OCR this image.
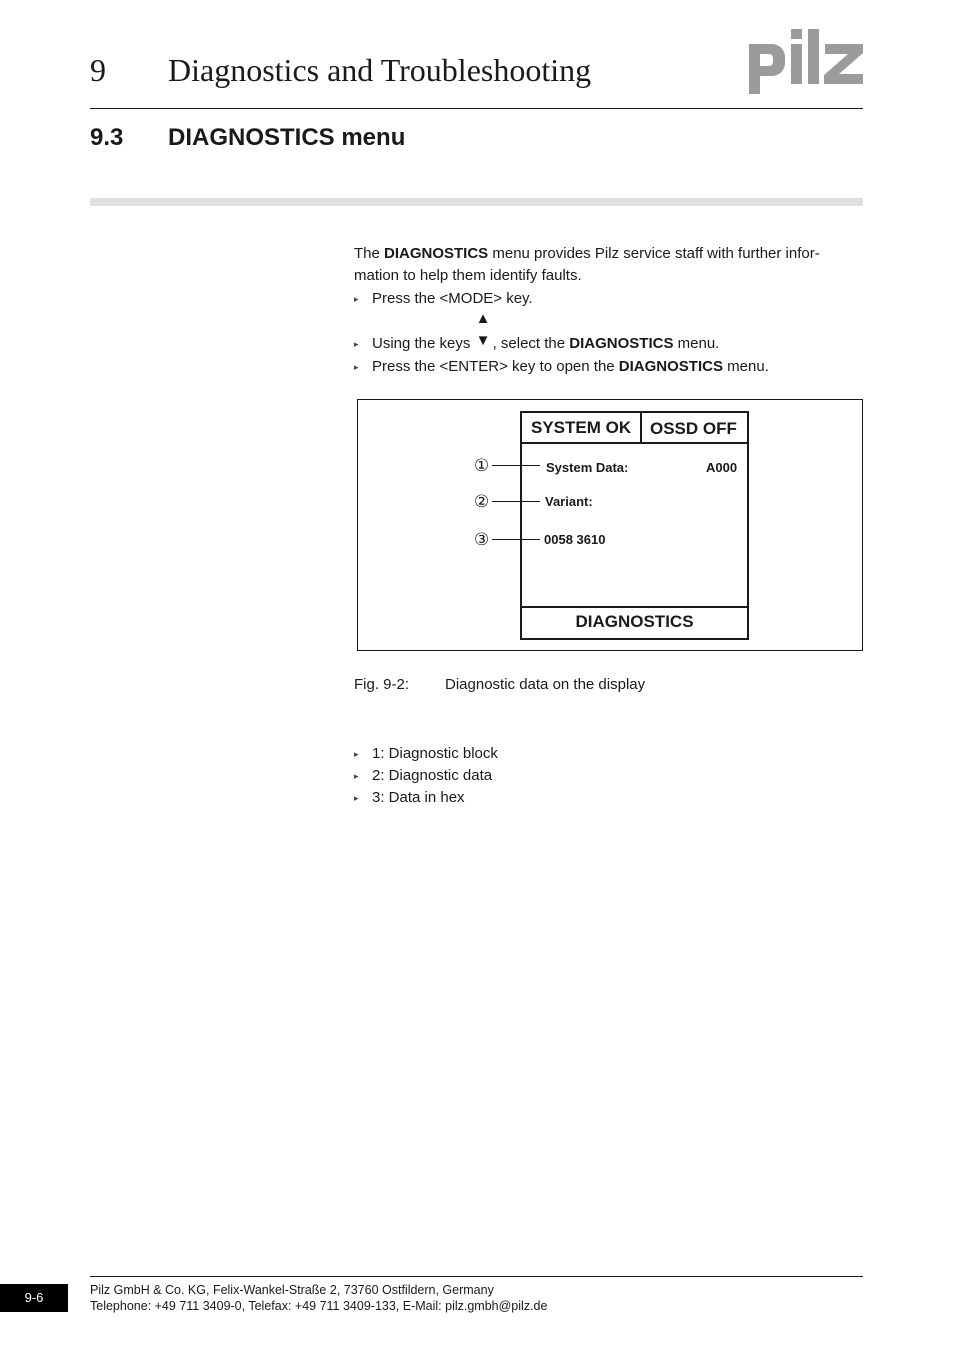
9 Diagnostics and Troubleshooting
9.3 DIAGNOSTICS menu
The DIAGNOSTICS menu provides Pilz service staff with further infor-
mation to help them identify faults.
▸ Press the <MODE> key.
▸ Using the keys
▲
▼ , select the DIAGNOSTICS menu.
▸ Press the <ENTER> key to open the DIAGNOSTICS menu.
SYSTEM OK OSSD OFF
DIAGNOSTICS
System Data:	A000
Variant:
0058 3610
①
②
③
Fig. 9-2: Diagnostic data on the display
▸ 1: Diagnostic block
▸ 2: Diagnostic data
▸ 3: Data in hex
9-6	Pilz GmbH & Co. KG, Felix-Wankel-Straße 2, 73760 Ostfildern, Germany
Telephone: +49 711 3409-0, Telefax: +49 711 3409-133, E-Mail: pilz.gmbh@pilz.de
